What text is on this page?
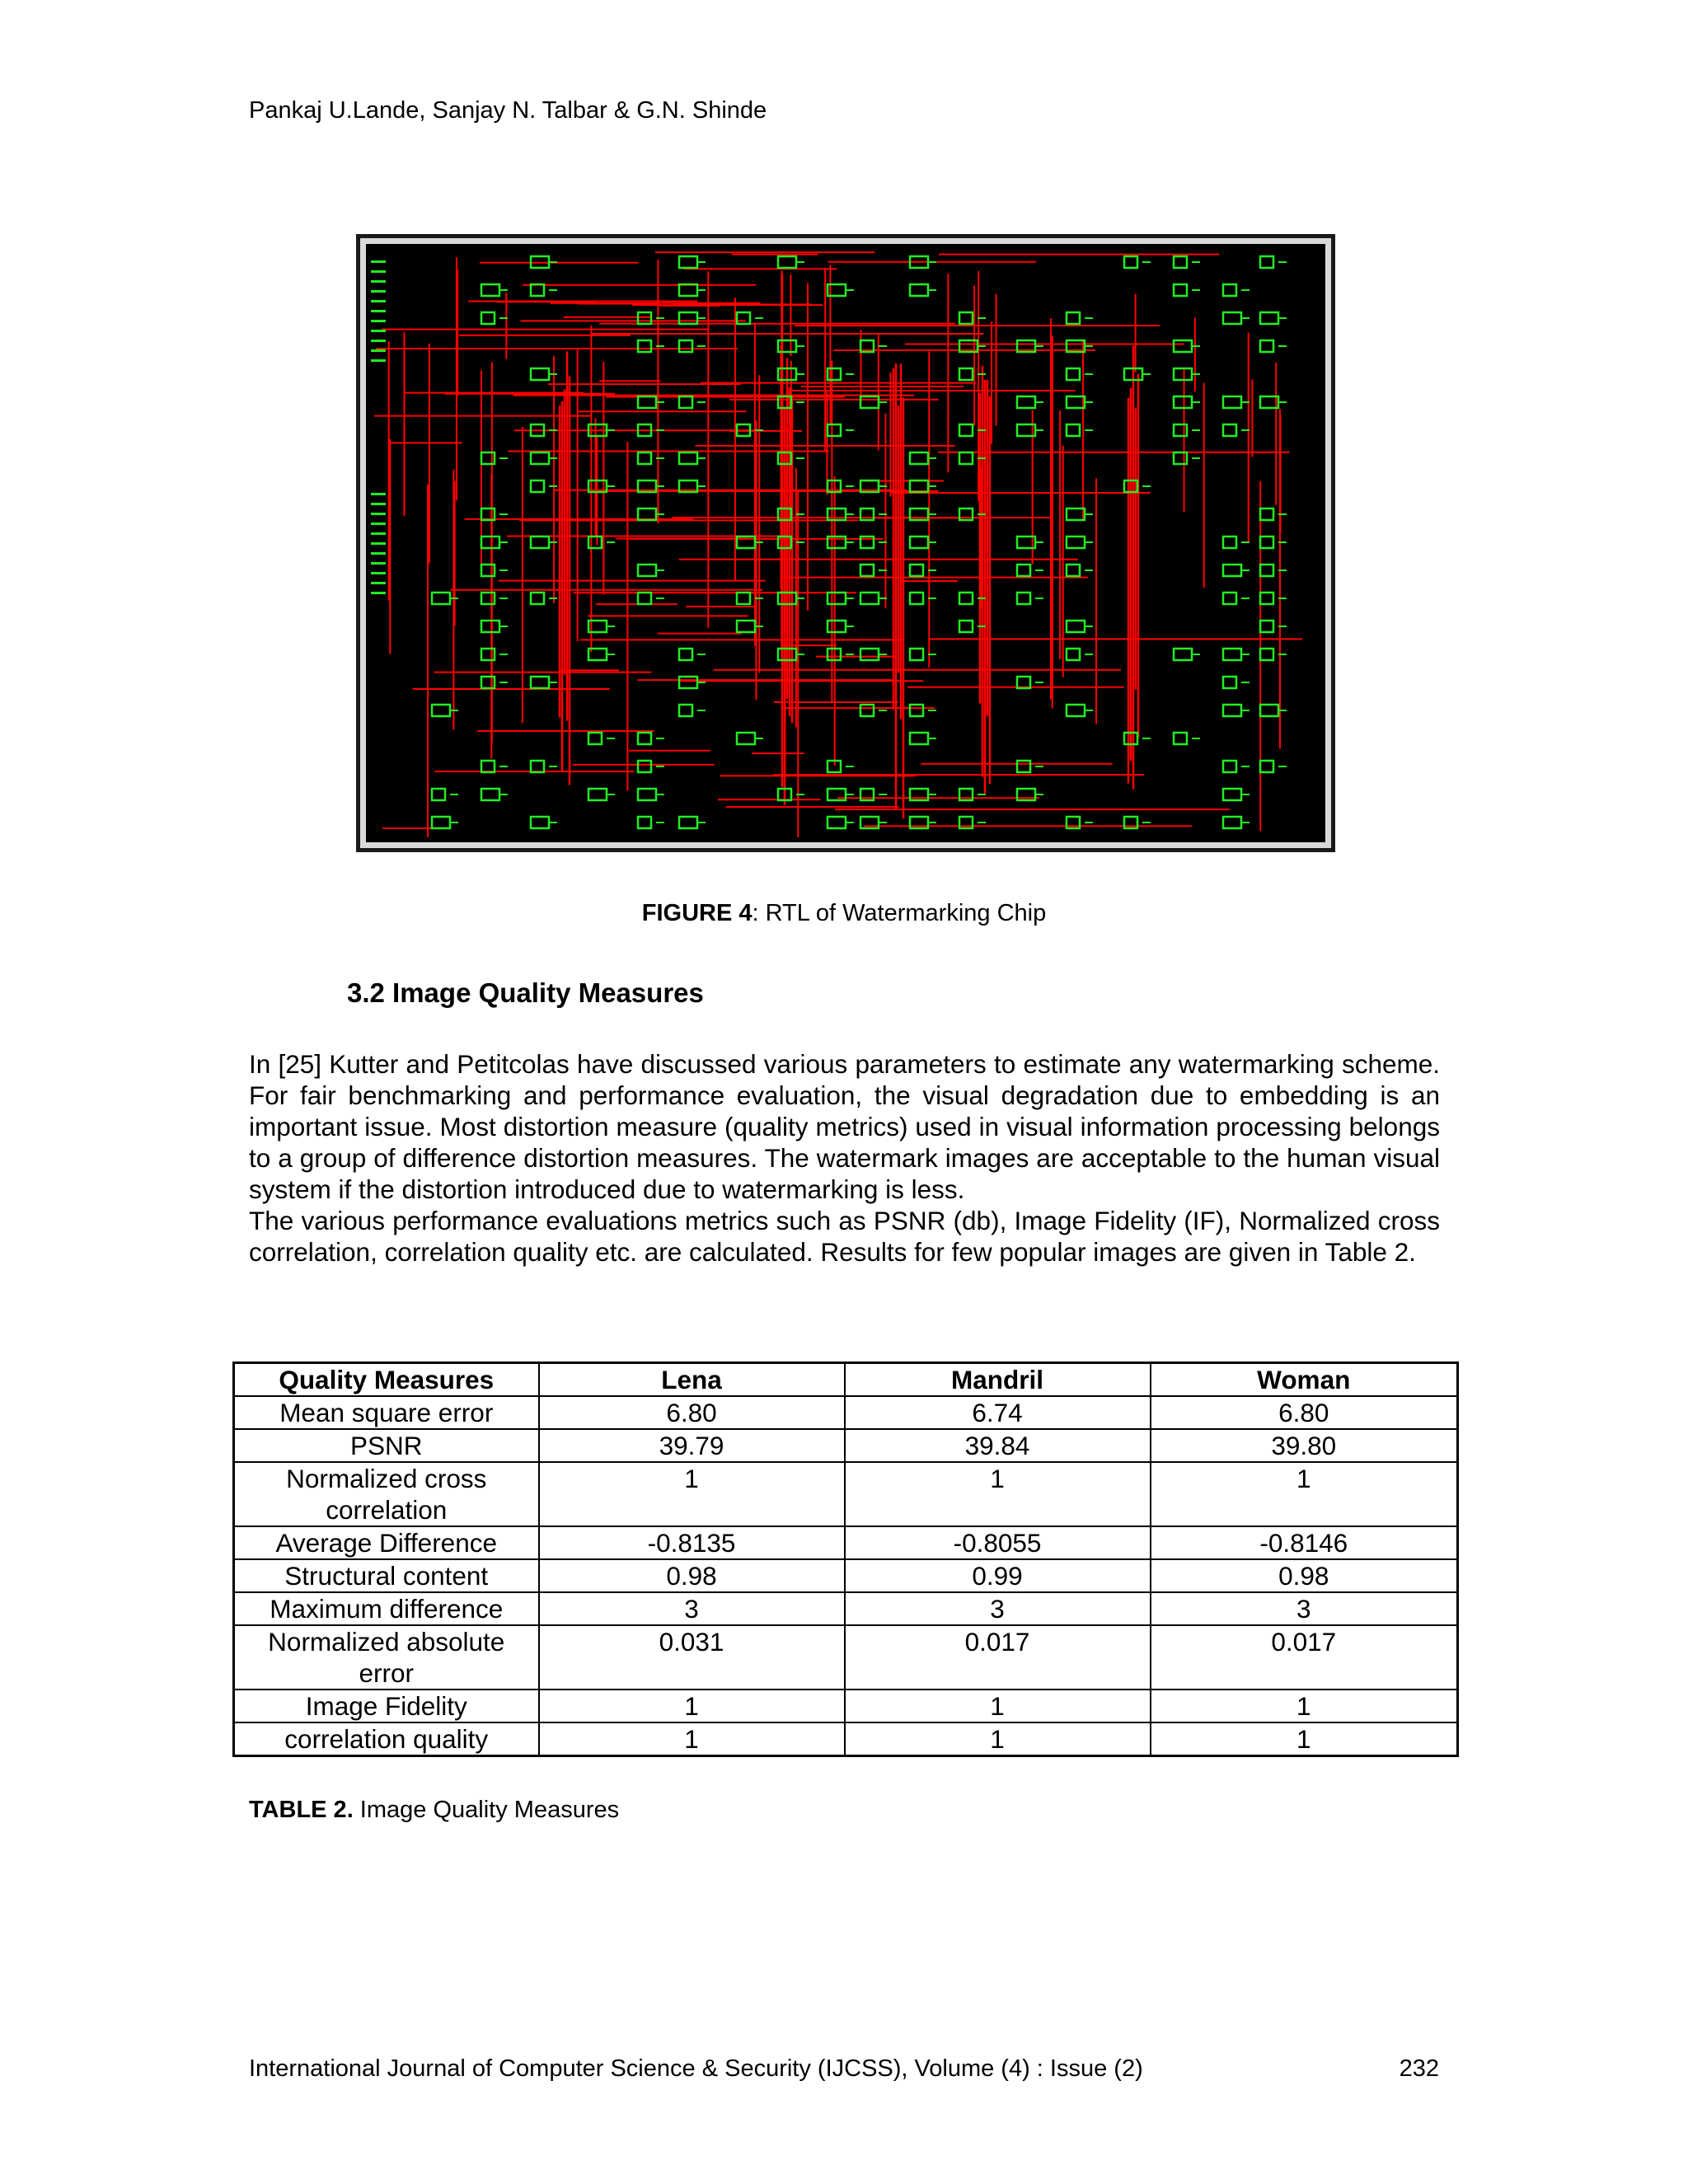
Pankaj U.Lande, Sanjay N. Talbar & G.N. Shinde
FIGURE 4: RTL of Watermarking Chip
3.2 Image Quality Measures

In [25] Kutter and Petitcolas have discussed various parameters to estimate any watermarking scheme. For fair benchmarking and performance evaluation, the visual degradation due to embedding is an important issue. Most distortion measure (quality metrics) used in visual information processing belongs to a group of difference distortion measures. The watermark images are acceptable to the human visual system if the distortion introduced due to watermarking is less.

The various performance evaluations metrics such as PSNR (db), Image Fidelity (IF), Normalized cross correlation, correlation quality etc. are calculated. Results for few popular images are given in Table 2.

Quality Measures	Lena	Mandril	Woman
Mean square error	6.80	6.74	6.80
PSNR	39.79	39.84	39.80
Normalized cross correlation	1	1	1
Average Difference	-0.8135	-0.8055	-0.8146
Structural content	0.98	0.99	0.98
Maximum difference	3	3	3
Normalized absolute error	0.031	0.017	0.017
Image Fidelity	1	1	1
correlation quality	1	1	1
TABLE 2. Image Quality Measures
International Journal of Computer Science & Security (IJCSS), Volume (4) : Issue (2)	232
